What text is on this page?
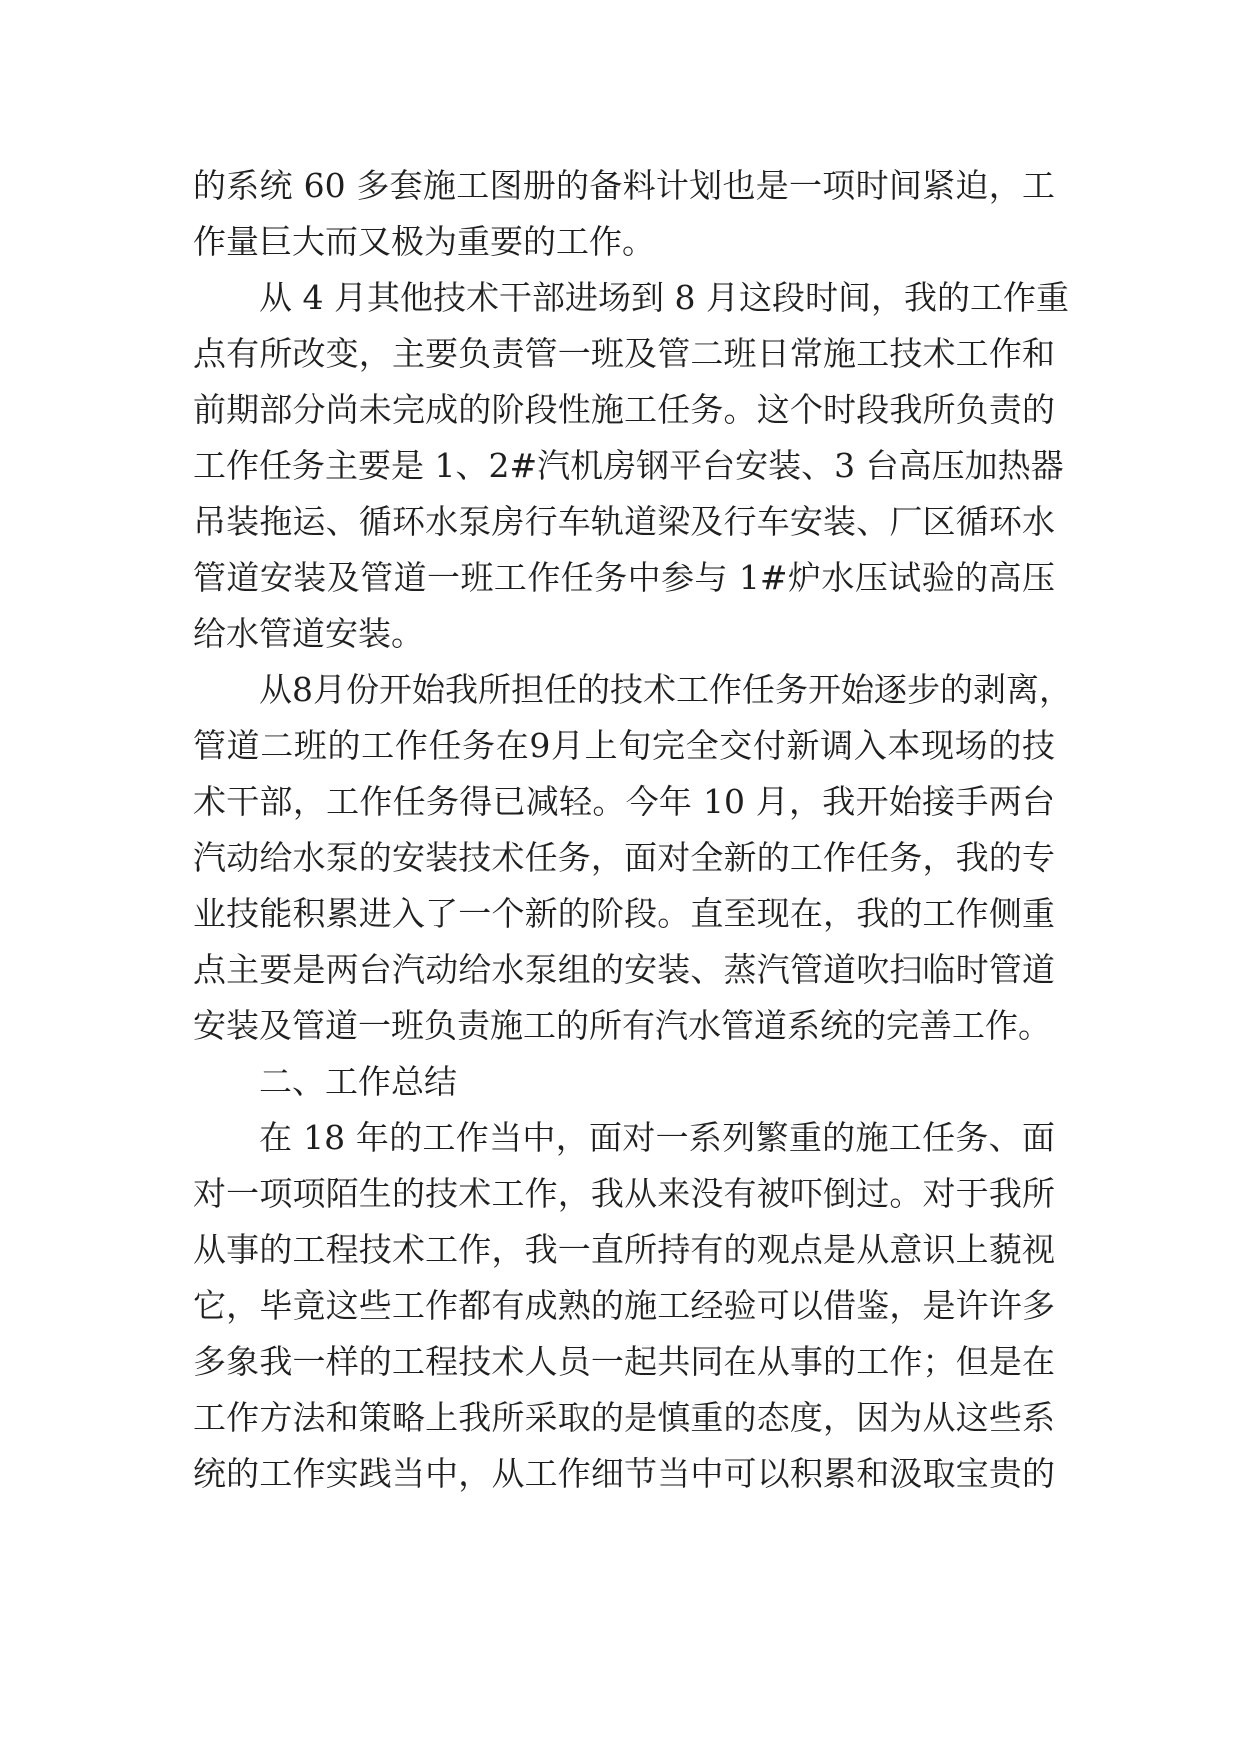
的系统 60 多套施工图册的备料计划也是一项时间紧迫，工
作量巨大而又极为重要的工作。
从 4 月其他技术干部进场到 8 月这段时间，我的工作重
点有所改变，主要负责管一班及管二班日常施工技术工作和
前期部分尚未完成的阶段性施工任务。这个时段我所负责的
工作任务主要是 1、2#汽机房钢平台安装、3 台高压加热器
吊装拖运、循环水泵房行车轨道梁及行车安装、厂区循环水
管道安装及管道一班工作任务中参与 1#炉水压试验的高压
给水管道安装。
从8月份开始我所担任的技术工作任务开始逐步的剥离，
管道二班的工作任务在9月上旬完全交付新调入本现场的技
术干部，工作任务得已减轻。今年 10 月，我开始接手两台
汽动给水泵的安装技术任务，面对全新的工作任务，我的专
业技能积累进入了一个新的阶段。直至现在，我的工作侧重
点主要是两台汽动给水泵组的安装、蒸汽管道吹扫临时管道
安装及管道一班负责施工的所有汽水管道系统的完善工作。
二、工作总结
在 18 年的工作当中，面对一系列繁重的施工任务、面
对一项项陌生的技术工作，我从来没有被吓倒过。对于我所
从事的工程技术工作，我一直所持有的观点是从意识上藐视
它，毕竟这些工作都有成熟的施工经验可以借鉴，是许许多
多象我一样的工程技术人员一起共同在从事的工作；但是在
工作方法和策略上我所采取的是慎重的态度，因为从这些系
统的工作实践当中，从工作细节当中可以积累和汲取宝贵的
